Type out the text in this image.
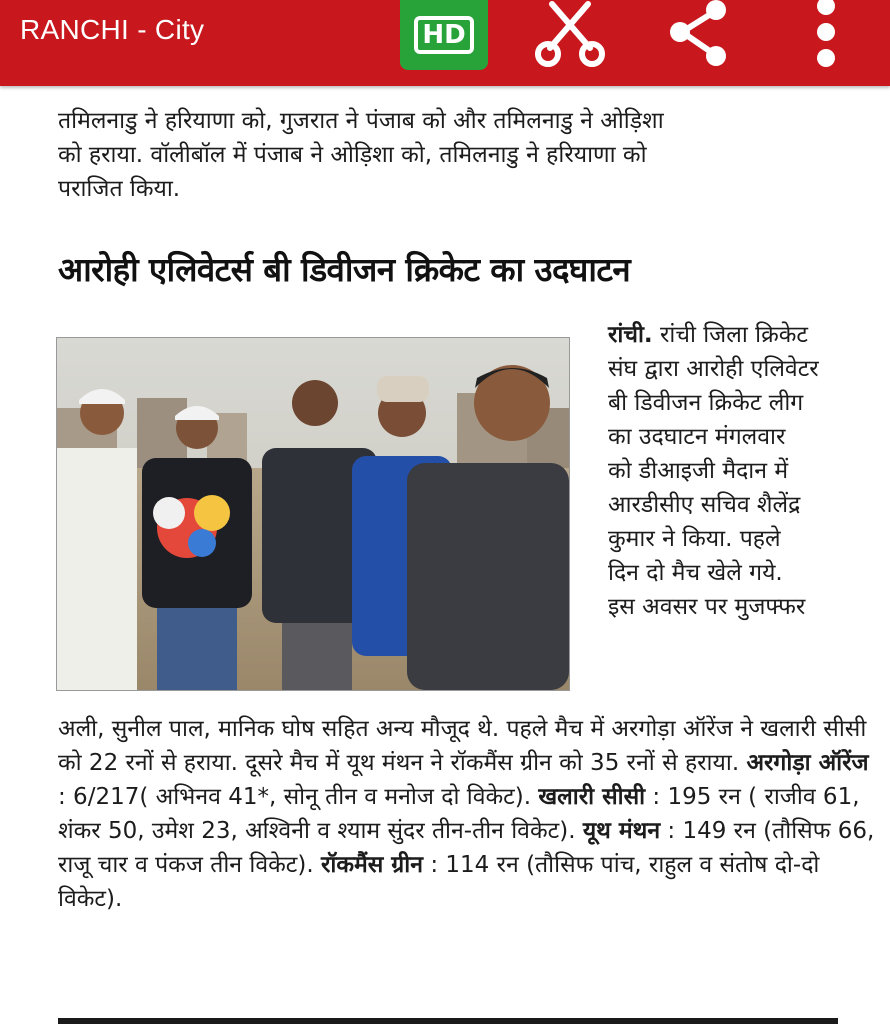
RANCHI - City	HD
तमिलनाडु ने हरियाणा को, गुजरात ने पंजाब को और तमिलनाडु ने ओड़िशा
को हराया. वॉलीबॉल में पंजाब ने ओड़िशा को, तमिलनाडु ने हरियाणा को
पराजित किया.
आरोही एलिवेटर्स बी डिवीजन क्रिकेट का उदघाटन
रांची. रांची जिला क्रिकेट
संघ द्वारा आरोही एलिवेटर
बी डिवीजन क्रिकेट लीग
का उदघाटन मंगलवार
को डीआइजी मैदान में
आरडीसीए सचिव शैलेंद्र
कुमार ने किया. पहले
दिन दो मैच खेले गये.
इस अवसर पर मुजफ्फर
अली, सुनील पाल, मानिक घोष सहित अन्य मौजूद थे. पहले मैच में अरगोड़ा ऑरेंज ने खलारी सीसी को 22 रनों से हराया. दूसरे मैच में यूथ मंथन ने रॉकमैंस ग्रीन को 35 रनों से हराया. अरगोड़ा ऑरेंज : 6/217( अभिनव 41*, सोनू तीन व मनोज दो विकेट). खलारी सीसी : 195 रन ( राजीव 61, शंकर 50, उमेश 23, अश्विनी व श्याम सुंदर तीन-तीन विकेट). यूथ मंथन : 149 रन (तौसिफ 66, राजू चार व पंकज तीन विकेट). रॉकमैंस ग्रीन : 114 रन (तौसिफ पांच, राहुल व संतोष दो-दो विकेट).
